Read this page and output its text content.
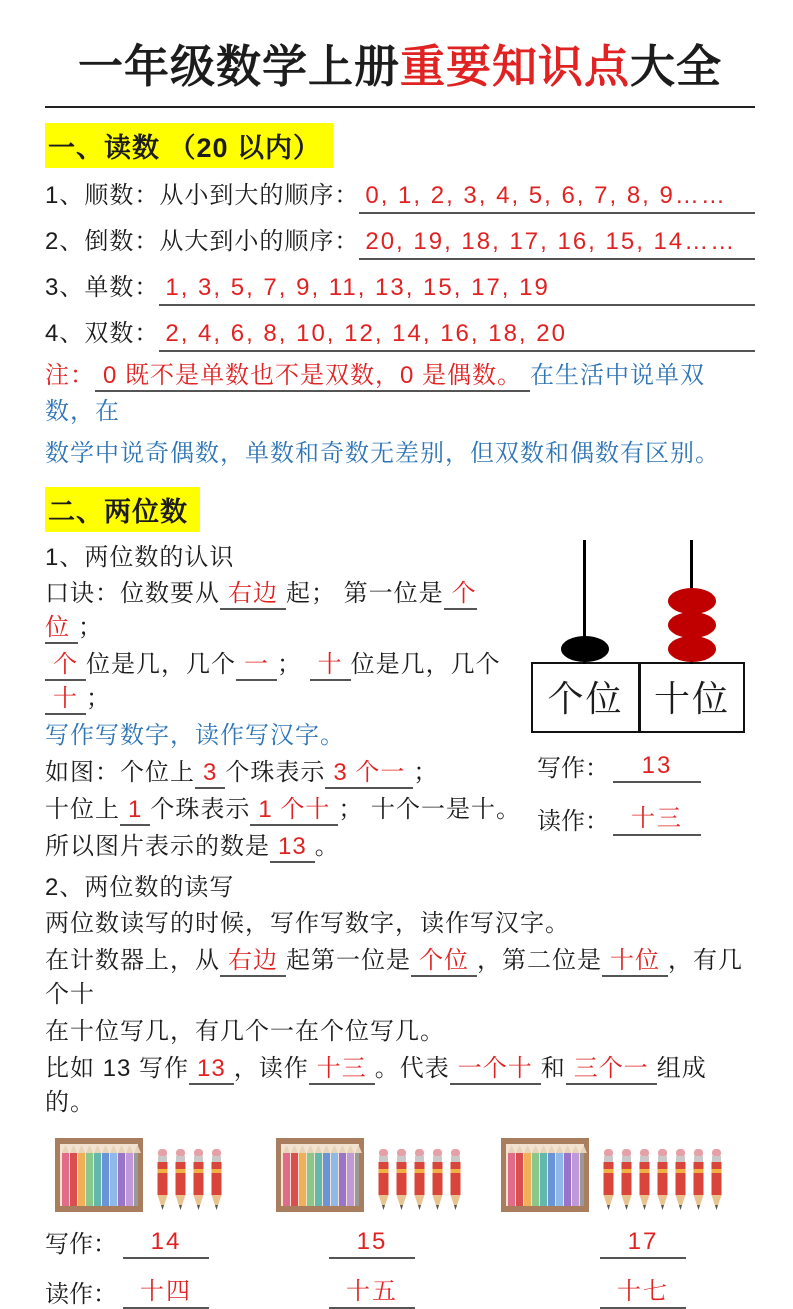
一年级数学上册重要知识点大全
一、读数 （20 以内）
1、顺数：从小到大的顺序： 0, 1, 2, 3, 4, 5, 6, 7, 8, 9……
2、倒数：从大到小的顺序： 20, 19, 18, 17, 16, 15, 14……
3、单数： 1, 3, 5, 7, 9, 11, 13, 15, 17, 19
4、双数： 2, 4, 6, 8, 10, 12, 14, 16, 18, 20
注： 0 既不是单数也不是双数，0 是偶数。 在生活中说单双数，在
数学中说奇偶数，单数和奇数无差别，但双数和偶数有区别。
二、两位数
1、两位数的认识
口诀：位数要从 右边 起； 第一位是 个位 ；
个 位是几，几个 一 ； 十 位是几，几个十 ；
写作写数字，读作写汉字。
如图：个位上 3 个珠表示 3 个一 ；
十位上 1 个珠表示 1 个十 ； 十个一是十。
所以图片表示的数是 13 。
2、两位数的读写
个位 十位
写作：	13
读作： 十三
两位数读写的时候，写作写数字，读作写汉字。
在计数器上，从 右边 起第一位是 个位 ，第二位是 十位 ，有几个十
在十位写几，有几个一在个位写几。
比如 13 写作 13 ，读作 十三 。代表 一个十 和 三个一 组成的。
写作：	14	15	17
读作： 十四	十五	十七
